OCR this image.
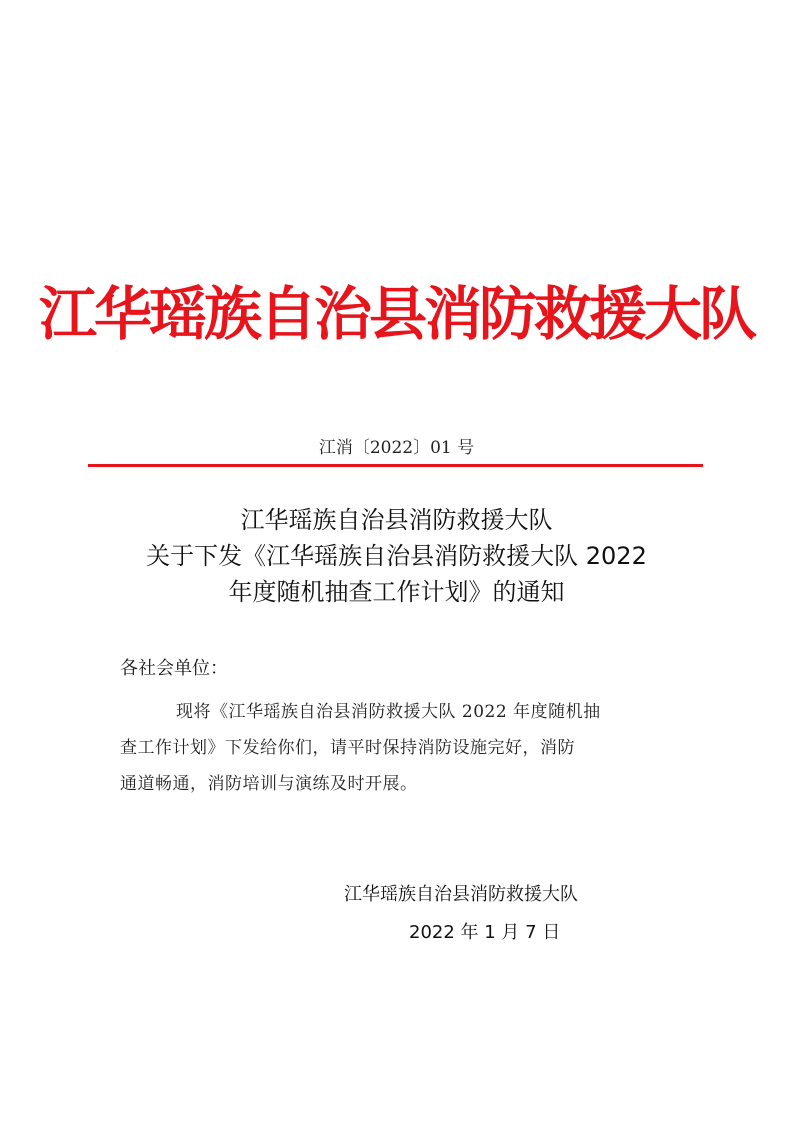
江华瑶族自治县消防救援大队
江消〔2022〕01 号
江华瑶族自治县消防救援大队
关于下发《江华瑶族自治县消防救援大队 2022
年度随机抽查工作计划》的通知
各社会单位：
现将《江华瑶族自治县消防救援大队 2022 年度随机抽
查工作计划》下发给你们，请平时保持消防设施完好，消防
通道畅通，消防培训与演练及时开展。
江华瑶族自治县消防救援大队
2022 年 1 月 7 日
